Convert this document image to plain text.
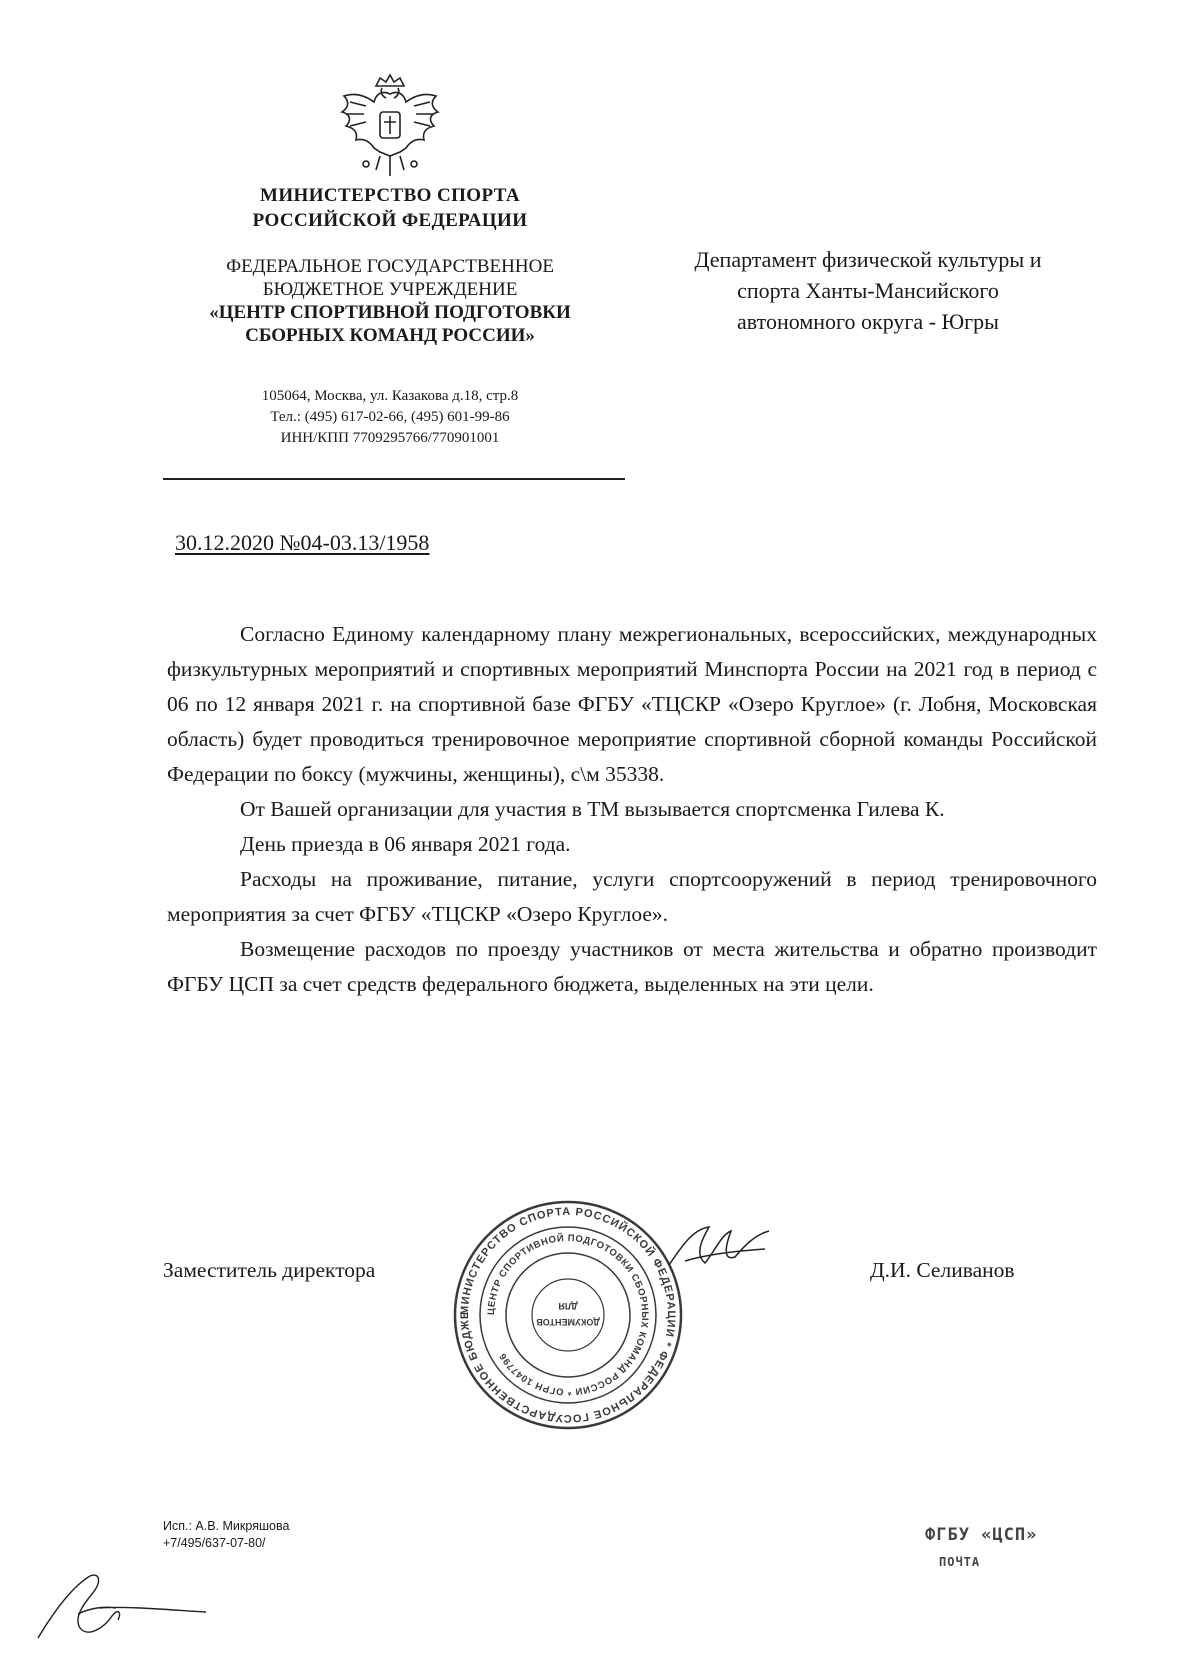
МИНИСТЕРСТВО СПОРТА
РОССИЙСКОЙ ФЕДЕРАЦИИ
ФЕДЕРАЛЬНОЕ ГОСУДАРСТВЕННОЕ
БЮДЖЕТНОЕ УЧРЕЖДЕНИЕ
«ЦЕНТР СПОРТИВНОЙ ПОДГОТОВКИ
СБОРНЫХ КОМАНД РОССИИ»
105064, Москва, ул. Казакова д.18, стр.8
Тел.: (495) 617-02-66, (495) 601-99-86
ИНН/КПП 7709295766/770901001
Департамент физической культуры и
спорта Ханты-Мансийского
автономного округа - Югры
30.12.2020 №04-03.13/1958

Согласно Единому календарному плану межрегиональных, всероссийских, международных физкультурных мероприятий и спортивных мероприятий Минспорта России на 2021 год в период с 06 по 12 января 2021 г. на спортивной базе ФГБУ «ТЦСКР «Озеро Круглое» (г. Лобня, Московская область) будет проводиться тренировочное мероприятие спортивной сборной команды Российской Федерации по боксу (мужчины, женщины), с\м 35338.

От Вашей организации для участия в ТМ вызывается спортсменка Гилева К.

День приезда в 06 января 2021 года.

Расходы на проживание, питание, услуги спортсооружений в период тренировочного мероприятия за счет ФГБУ «ТЦСКР «Озеро Круглое».

Возмещение расходов по проезду участников от места жительства и обратно производит ФГБУ ЦСП за счет средств федерального бюджета, выделенных на эти цели.

Заместитель директора	Д.И. Селиванов
МИНИСТЕРСТВО СПОРТА РОССИЙСКОЙ ФЕДЕРАЦИИ * ФЕДЕРАЛЬНОЕ ГОСУДАРСТВЕННОЕ БЮДЖЕ	ЦЕНТР СПОРТИВНОЙ ПОДГОТОВКИ СБОРНЫХ КОМАНД РОССИИ * ОГРН 1047796
ДОКУМЕНТОВ
ДЛЯ
Исп.: А.В. Микряшова
+7/495/637-07-80/	ФГБУ «ЦСП»
ПОЧТА
